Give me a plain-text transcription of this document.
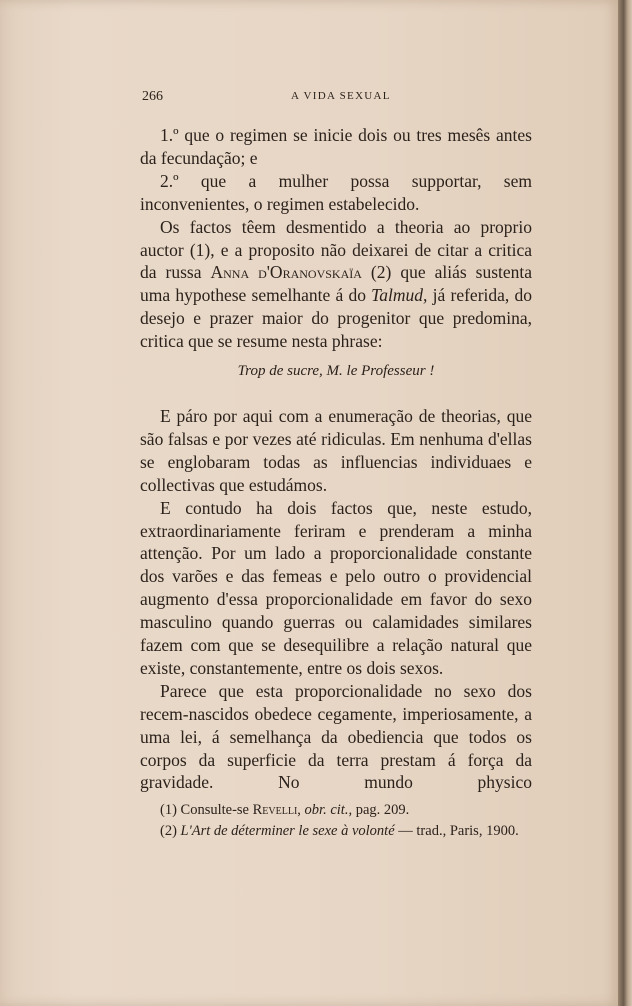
266	A VIDA SEXUAL

1.º que o regimen se inicie dois ou tres mesês antes da fecundação; e

2.º que a mulher possa supportar, sem inconvenientes, o regimen estabelecido.

Os factos têem desmentido a theoria ao proprio auctor (1), e a proposito não deixarei de citar a critica da russa Anna d'Oranovskaïa (2) que aliás sustenta uma hypothese semelhante á do Talmud, já referida, do desejo e prazer maior do progenitor que predomina, critica que se resume nesta phrase:

Trop de sucre, M. le Professeur !

E páro por aqui com a enumeração de theorias, que são falsas e por vezes até ridiculas. Em nenhuma d'ellas se englobaram todas as influencias individuaes e collectivas que estudámos.

E contudo ha dois factos que, neste estudo, extraordinariamente feriram e prenderam a minha attenção. Por um lado a proporcionalidade constante dos varões e das femeas e pelo outro o providencial augmento d'essa proporcionalidade em favor do sexo masculino quando guerras ou calamidades similares fazem com que se desequilibre a relação natural que existe, constantemente, entre os dois sexos.

Parece que esta proporcionalidade no sexo dos recem-nascidos obedece cegamente, imperiosamente, a uma lei, á semelhança da obediencia que todos os corpos da superficie da terra prestam á força da gravidade. No mundo physico

(1) Consulte-se Revelli, obr. cit., pag. 209.

(2) L'Art de déterminer le sexe à volonté — trad., Paris, 1900.
